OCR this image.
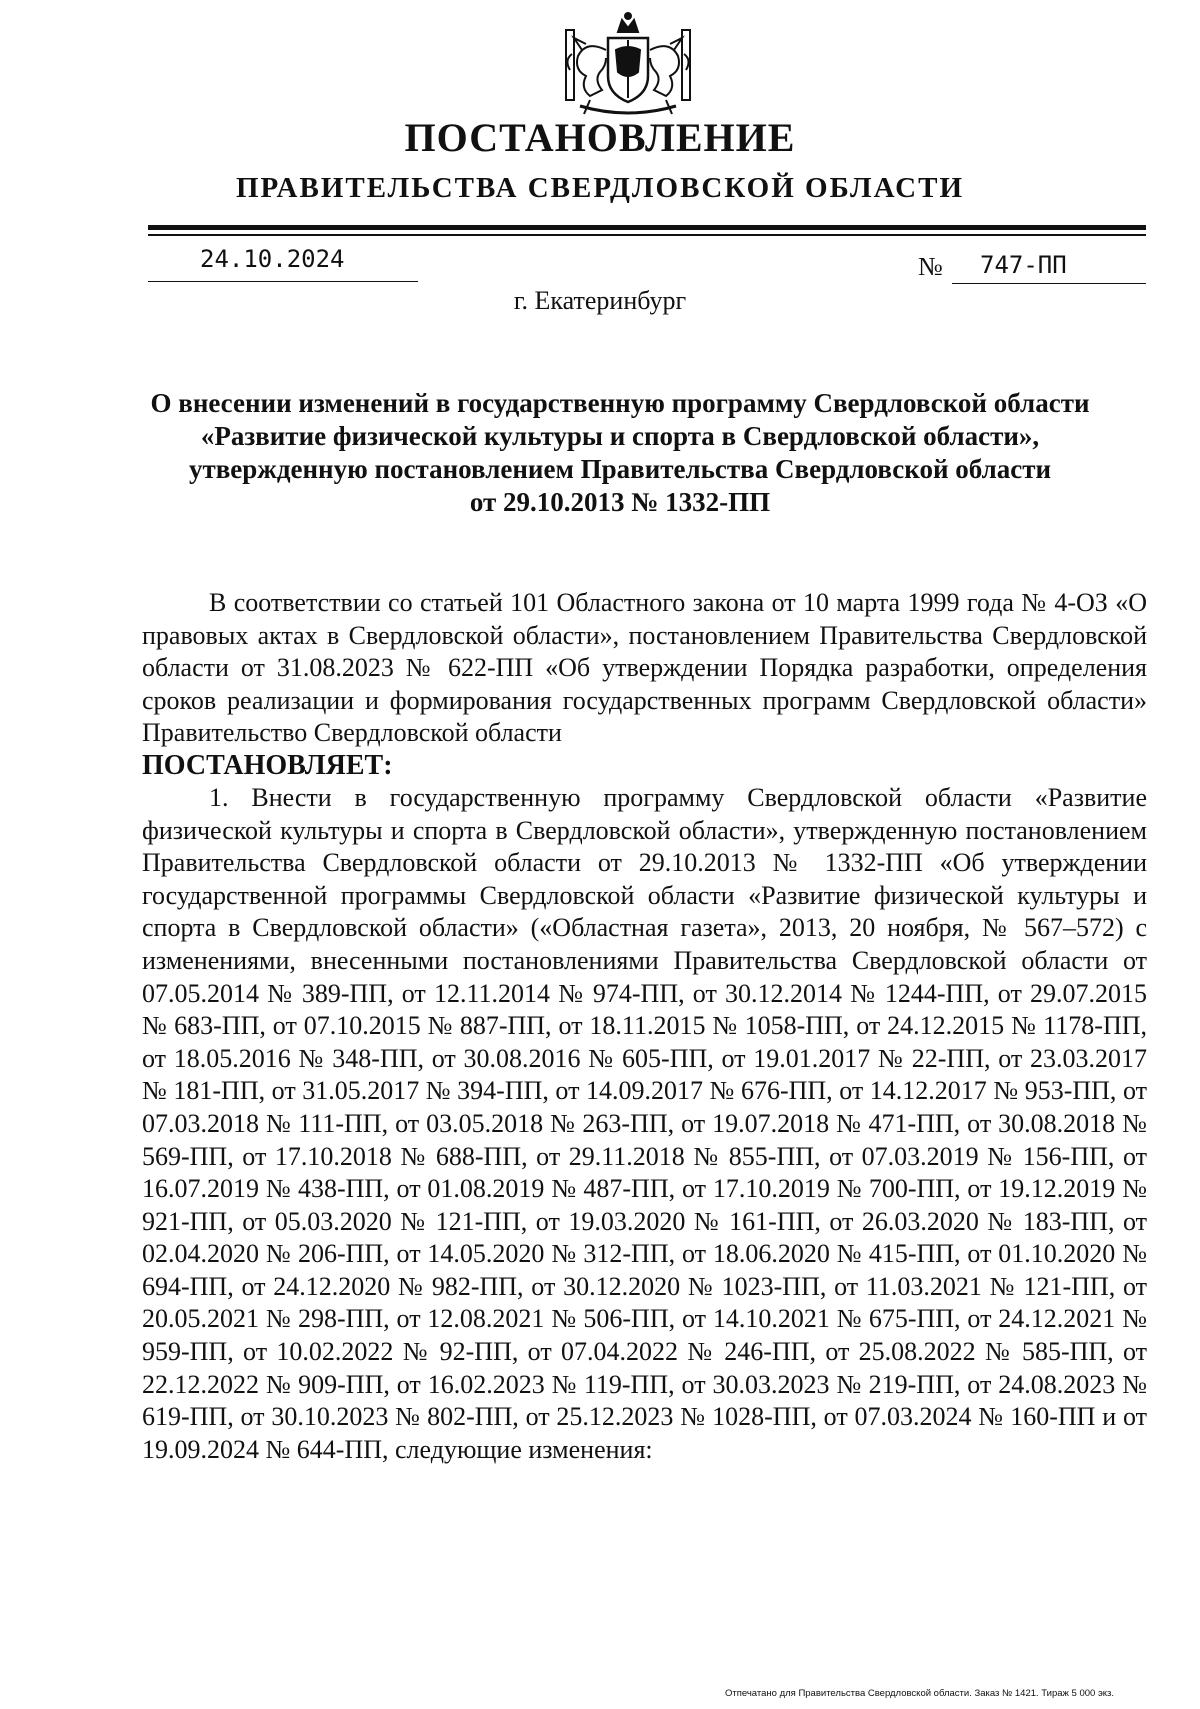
ПОСТАНОВЛЕНИЕ
ПРАВИТЕЛЬСТВА СВЕРДЛОВСКОЙ ОБЛАСТИ
24.10.2024	№ 747-ПП
г. Екатеринбург
О внесении изменений в государственную программу Свердловской области
«Развитие физической культуры и спорта в Свердловской области»,
утвержденную постановлением Правительства Свердловской области
от 29.10.2013 № 1332-ПП

В соответствии со статьей 101 Областного закона от 10 марта 1999 года № 4-ОЗ «О правовых актах в Свердловской области», постановлением Правительства Свердловской области от 31.08.2023 № 622-ПП «Об утверждении Порядка разработки, определения сроков реализации и формирования государственных программ Свердловской области» Правительство Свердловской области

ПОСТАНОВЛЯЕТ:

1. Внести в государственную программу Свердловской области «Развитие физической культуры и спорта в Свердловской области», утвержденную постановлением Правительства Свердловской области от 29.10.2013 № 1332-ПП «Об утверждении государственной программы Свердловской области «Развитие физической культуры и спорта в Свердловской области» («Областная газета», 2013, 20 ноября, № 567–572) с изменениями, внесенными постановлениями Правительства Свердловской области от 07.05.2014 № 389-ПП, от 12.11.2014 № 974-ПП, от 30.12.2014 № 1244-ПП, от 29.07.2015 № 683-ПП, от 07.10.2015 № 887-ПП, от 18.11.2015 № 1058-ПП, от 24.12.2015 № 1178-ПП, от 18.05.2016 № 348-ПП, от 30.08.2016 № 605-ПП, от 19.01.2017 № 22-ПП, от 23.03.2017 № 181-ПП, от 31.05.2017 № 394-ПП, от 14.09.2017 № 676-ПП, от 14.12.2017 № 953-ПП, от 07.03.2018 № 111-ПП, от 03.05.2018 № 263-ПП, от 19.07.2018 № 471-ПП, от 30.08.2018 № 569-ПП, от 17.10.2018 № 688-ПП, от 29.11.2018 № 855-ПП, от 07.03.2019 № 156-ПП, от 16.07.2019 № 438-ПП, от 01.08.2019 № 487-ПП, от 17.10.2019 № 700-ПП, от 19.12.2019 № 921-ПП, от 05.03.2020 № 121-ПП, от 19.03.2020 № 161-ПП, от 26.03.2020 № 183-ПП, от 02.04.2020 № 206-ПП, от 14.05.2020 № 312-ПП, от 18.06.2020 № 415-ПП, от 01.10.2020 № 694-ПП, от 24.12.2020 № 982-ПП, от 30.12.2020 № 1023-ПП, от 11.03.2021 № 121-ПП, от 20.05.2021 № 298-ПП, от 12.08.2021 № 506-ПП, от 14.10.2021 № 675-ПП, от 24.12.2021 № 959-ПП, от 10.02.2022 № 92-ПП, от 07.04.2022 № 246-ПП, от 25.08.2022 № 585-ПП, от 22.12.2022 № 909-ПП, от 16.02.2023 № 119-ПП, от 30.03.2023 № 219-ПП, от 24.08.2023 № 619-ПП, от 30.10.2023 № 802-ПП, от 25.12.2023 № 1028-ПП, от 07.03.2024 № 160-ПП и от 19.09.2024 № 644-ПП, следующие изменения:

Отпечатано для Правительства Свердловской области. Заказ № 1421. Тираж 5 000 экз.
